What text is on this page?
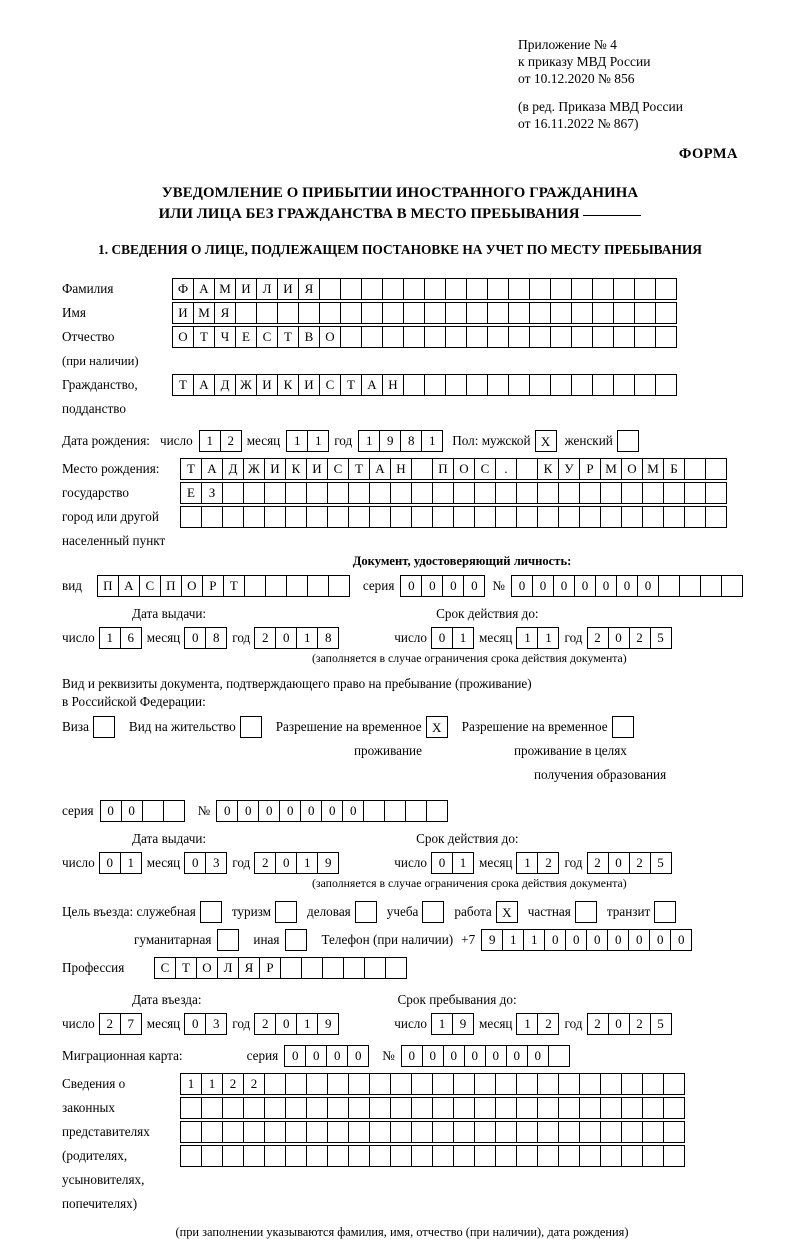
Приложение № 4
к приказу МВД России
от 10.12.2020 № 856
(в ред. Приказа МВД России
от 16.11.2022 № 867)
ФОРМА
УВЕДОМЛЕНИЕ О ПРИБЫТИИ ИНОСТРАННОГО ГРАЖДАНИНА
ИЛИ ЛИЦА БЕЗ ГРАЖДАНСТВА В МЕСТО ПРЕБЫВАНИЯ
1. СВЕДЕНИЯ О ЛИЦЕ, ПОДЛЕЖАЩЕМ ПОСТАНОВКЕ НА УЧЕТ ПО МЕСТУ ПРЕБЫВАНИЯ
Фамилия	Ф А М И Л И Я
Имя	И М Я
Отчество	О Т Ч Е С Т В О
(при наличии)
Гражданство,	Т А Д Ж И К И С Т А Н
подданство
Дата рождения: число	1	2 месяц	1	1 год	1	9	8	1	Пол: мужской X	женский
Место рождения:	Т А Д Ж И К И С Т А Н	П О С	.	К У Р М О М Б
государство	Е	З
город или другой
населенный пункт
Документ, удостоверяющий личность:
вид	П А С П О Р	Т	серия	0	0	0	0	№	0	0	0	0	0	0	0
Дата выдачи:	Срок действия до:
число 1	6 месяц 0	8 год 2	0	1	8	число 0	1 месяц 1	1 год 2	0	2	5
(заполняется в случае ограничения срока действия документа)
Вид и реквизиты документа, подтверждающего право на пребывание (проживание)
в Российской Федерации:
Виза	Вид на жительство	Разрешение на временное X	Разрешение на временное
проживание	проживание в целях
получения образования
серия	0	0	№	0	0	0	0	0	0	0
Дата выдачи:	Срок действия до:
число 0	1 месяц 0	3 год 2	0	1	9	число 0	1 месяц 1	2 год 2	0	2	5
(заполняется в случае ограничения срока действия документа)
Цель въезда: служебная	туризм	деловая	учеба	работа X	частная	транзит
гуманитарная	иная	Телефон (при наличии) +7	9	1	1	0	0	0	0	0	0	0
Профессия	С Т О Л Я	Р
Дата въезда:	Срок пребывания до:
число 2	7 месяц 0	3 год 2	0	1	9	число 1	9 месяц 1	2 год 2	0	2	5
Миграционная карта:	серия	0	0	0	0	№	0	0	0	0	0	0	0
Сведения о	1	1	2	2
законных
представителях
(родителях,
усыновителях,
попечителях)
(при заполнении указываются фамилия, имя, отчество (при наличии), дата рождения)
